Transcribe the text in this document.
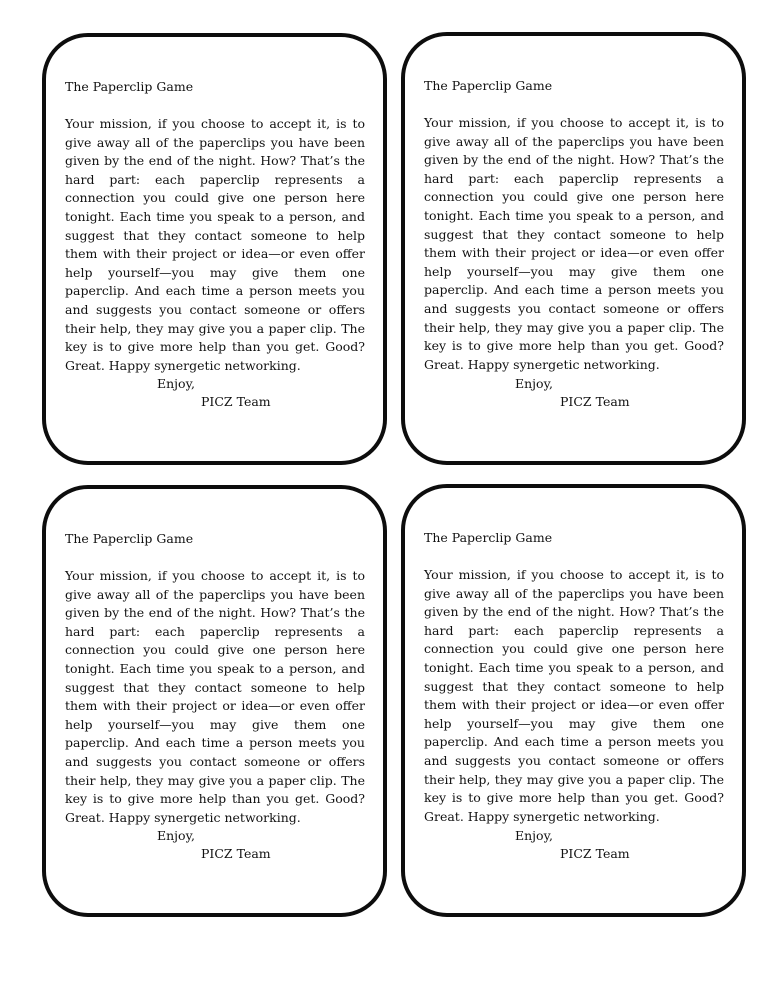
The Paperclip Game

Your mission, if you choose to accept it, is to give away all of the paperclips you have been given by the end of the night. How? That’s the hard part: each paperclip represents a connection you could give one person here tonight. Each time you speak to a person, and suggest that they contact someone to help them with their project or idea—or even offer help yourself—you may give them one paperclip. And each time a person meets you and suggests you contact someone or offers their help, they may give you a paper clip. The key is to give more help than you get. Good? Great. Happy synergetic networking.

Enjoy,
PICZ Team
The Paperclip Game

Your mission, if you choose to accept it, is to give away all of the paperclips you have been given by the end of the night. How? That’s the hard part: each paperclip represents a connection you could give one person here tonight. Each time you speak to a person, and suggest that they contact someone to help them with their project or idea—or even offer help yourself—you may give them one paperclip. And each time a person meets you and suggests you contact someone or offers their help, they may give you a paper clip. The key is to give more help than you get. Good? Great. Happy synergetic networking.

Enjoy,
PICZ Team
The Paperclip Game

Your mission, if you choose to accept it, is to give away all of the paperclips you have been given by the end of the night. How? That’s the hard part: each paperclip represents a connection you could give one person here tonight. Each time you speak to a person, and suggest that they contact someone to help them with their project or idea—or even offer help yourself—you may give them one paperclip. And each time a person meets you and suggests you contact someone or offers their help, they may give you a paper clip. The key is to give more help than you get. Good? Great. Happy synergetic networking.

Enjoy,
PICZ Team
The Paperclip Game

Your mission, if you choose to accept it, is to give away all of the paperclips you have been given by the end of the night. How? That’s the hard part: each paperclip represents a connection you could give one person here tonight. Each time you speak to a person, and suggest that they contact someone to help them with their project or idea—or even offer help yourself—you may give them one paperclip. And each time a person meets you and suggests you contact someone or offers their help, they may give you a paper clip. The key is to give more help than you get. Good? Great. Happy synergetic networking.

Enjoy,
PICZ Team
